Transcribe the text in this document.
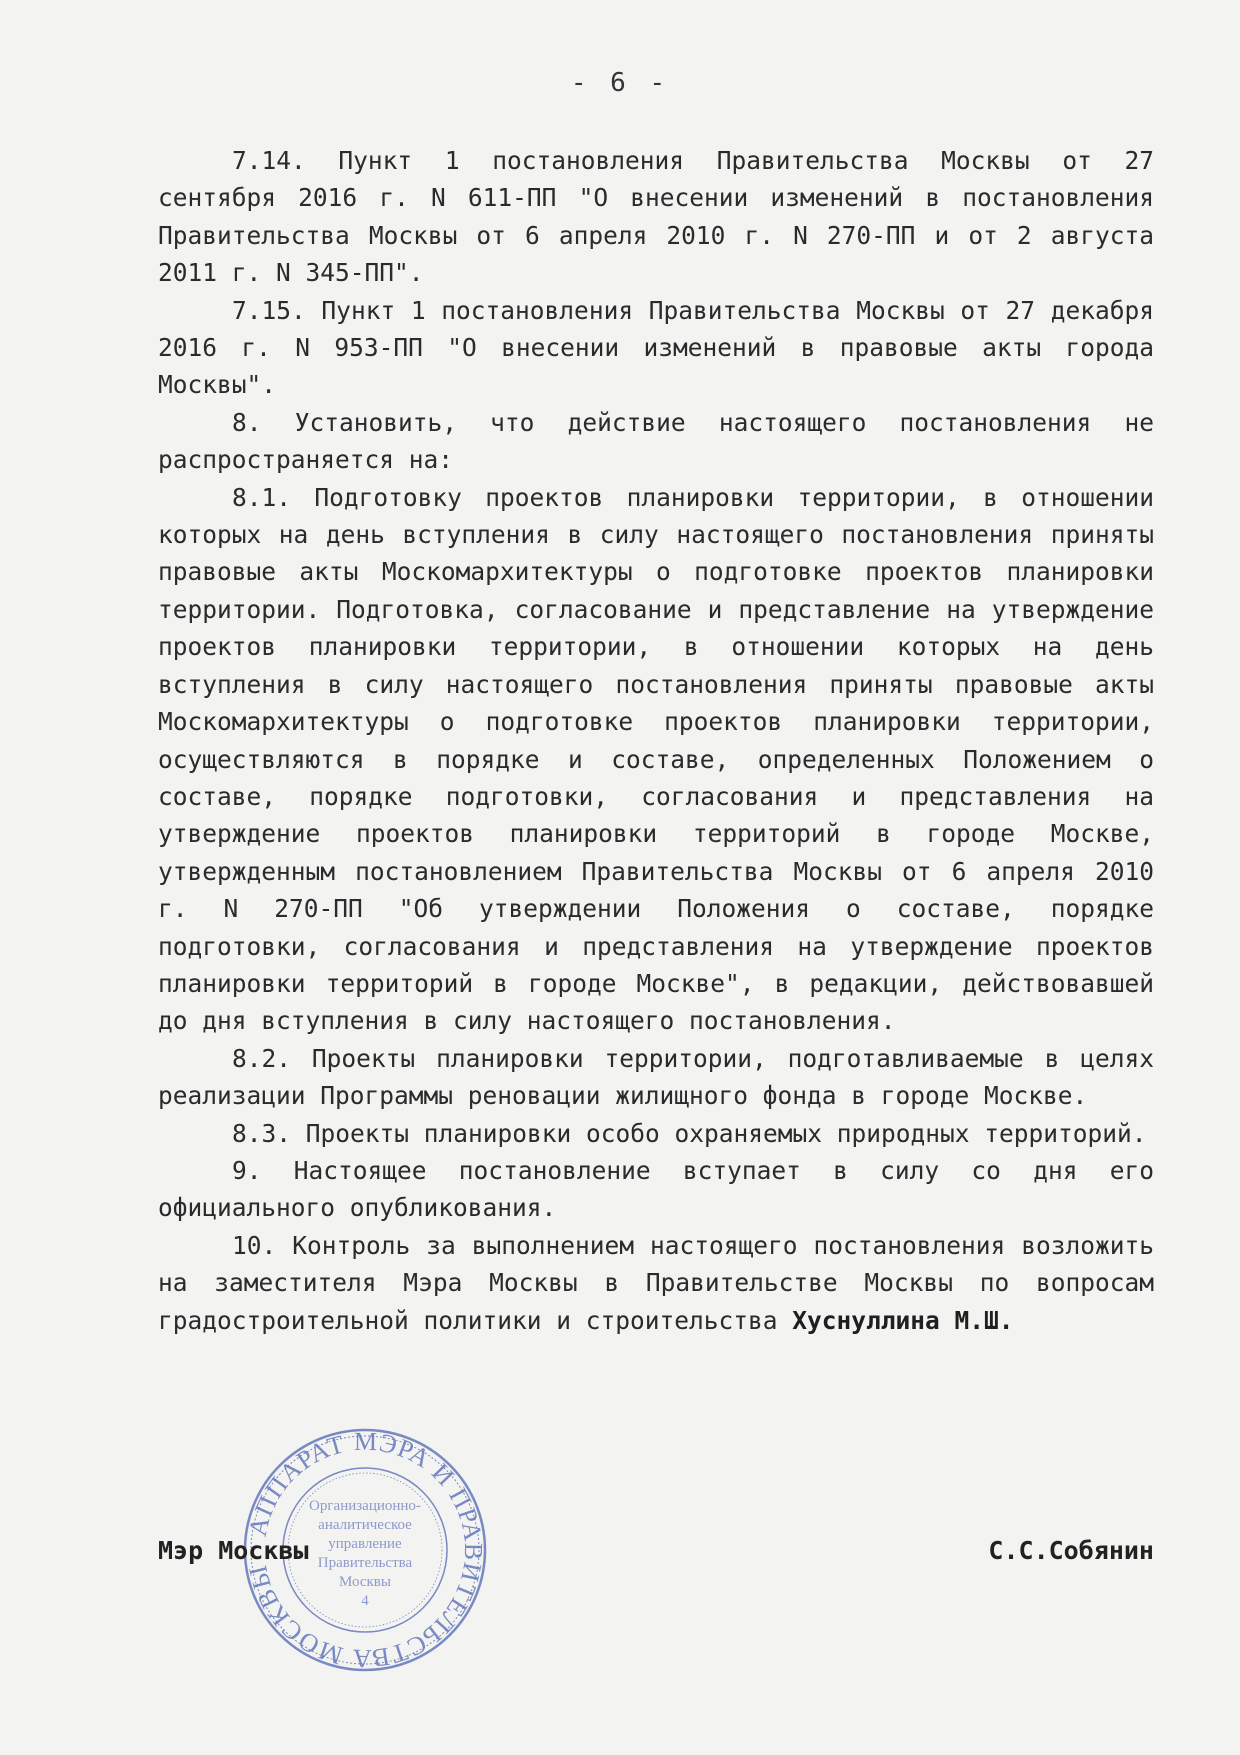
- 6 -

7.14. Пункт 1 постановления Правительства Москвы от 27 сентября 2016 г. N 611-ПП "О внесении изменений в постановления Правительства Москвы от 6 апреля 2010 г. N 270-ПП и от 2 августа 2011 г. N 345-ПП".

7.15. Пункт 1 постановления Правительства Москвы от 27 декабря 2016 г. N 953-ПП "О внесении изменений в правовые акты города Москвы".

8. Установить, что действие настоящего постановления не распространяется на:

8.1. Подготовку проектов планировки территории, в отношении которых на день вступления в силу настоящего постановления приняты правовые акты Москомархитектуры о подготовке проектов планировки территории. Подготовка, согласование и представление на утверждение проектов планировки территории, в отношении которых на день вступления в силу настоящего постановления приняты правовые акты Москомархитектуры о подготовке проектов планировки территории, осуществляются в порядке и составе, определенных Положением о составе, порядке подготовки, согласования и представления на утверждение проектов планировки территорий в городе Москве, утвержденным постановлением Правительства Москвы от 6 апреля 2010 г. N 270-ПП "Об утверждении Положения о составе, порядке подготовки, согласования и представления на утверждение проектов планировки территорий в городе Москве", в редакции, действовавшей до дня вступления в силу настоящего постановления.

8.2. Проекты планировки территории, подготавливаемые в целях реализации Программы реновации жилищного фонда в городе Москве.

8.3. Проекты планировки особо охраняемых природных территорий.

9. Настоящее постановление вступает в силу со дня его официального опубликования.

10. Контроль за выполнением настоящего постановления возложить на заместителя Мэра Москвы в Правительстве Москвы по вопросам градостроительной политики и строительства Хуснуллина М.Ш.

АППАРАТ МЭРА И ПРАВИТЕЛЬСТВА МОСКВЫ
Организационно-
аналитическое
управление
Правительства
Москвы
4
Мэр Москвы	С.С.Собянин
